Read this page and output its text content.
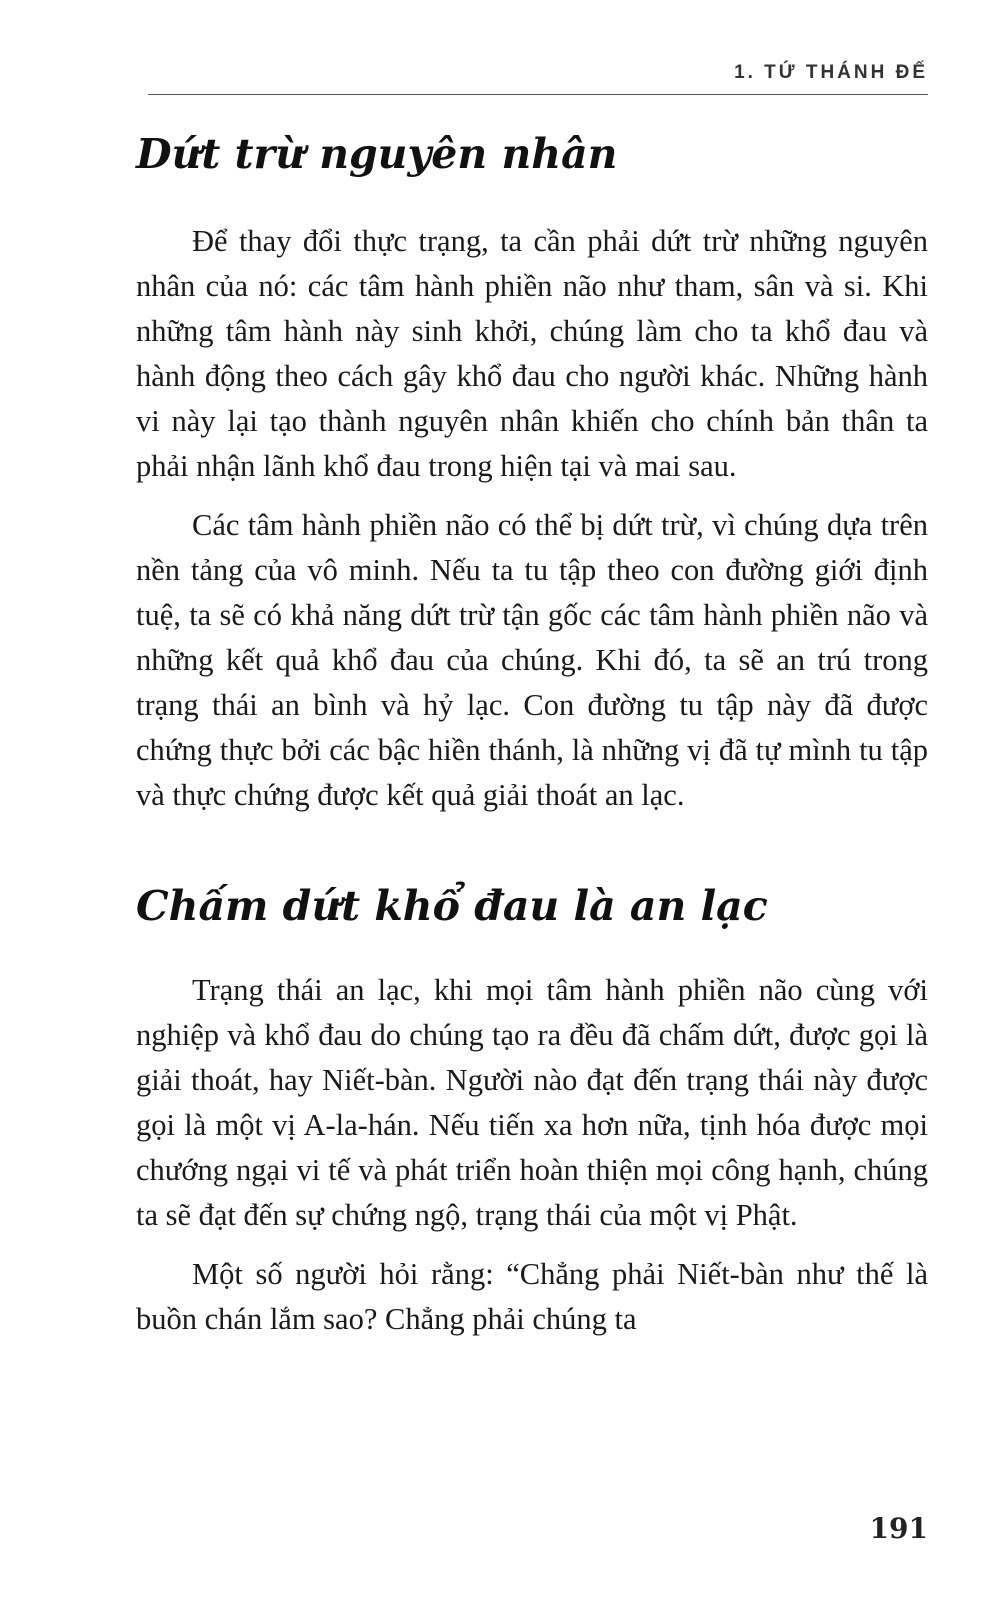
1. TỨ THÁNH ĐẾ
Dứt trừ nguyên nhân

Để thay đổi thực trạng, ta cần phải dứt trừ những nguyên nhân của nó: các tâm hành phiền não như tham, sân và si. Khi những tâm hành này sinh khởi, chúng làm cho ta khổ đau và hành động theo cách gây khổ đau cho người khác. Những hành vi này lại tạo thành nguyên nhân khiến cho chính bản thân ta phải nhận lãnh khổ đau trong hiện tại và mai sau.

Các tâm hành phiền não có thể bị dứt trừ, vì chúng dựa trên nền tảng của vô minh. Nếu ta tu tập theo con đường giới định tuệ, ta sẽ có khả năng dứt trừ tận gốc các tâm hành phiền não và những kết quả khổ đau của chúng. Khi đó, ta sẽ an trú trong trạng thái an bình và hỷ lạc. Con đường tu tập này đã được chứng thực bởi các bậc hiền thánh, là những vị đã tự mình tu tập và thực chứng được kết quả giải thoát an lạc.

Chấm dứt khổ đau là an lạc

Trạng thái an lạc, khi mọi tâm hành phiền não cùng với nghiệp và khổ đau do chúng tạo ra đều đã chấm dứt, được gọi là giải thoát, hay Niết-bàn. Người nào đạt đến trạng thái này được gọi là một vị A-la-hán. Nếu tiến xa hơn nữa, tịnh hóa được mọi chướng ngại vi tế và phát triển hoàn thiện mọi công hạnh, chúng ta sẽ đạt đến sự chứng ngộ, trạng thái của một vị Phật.

Một số người hỏi rằng: “Chẳng phải Niết-bàn như thế là buồn chán lắm sao? Chẳng phải chúng ta

191
